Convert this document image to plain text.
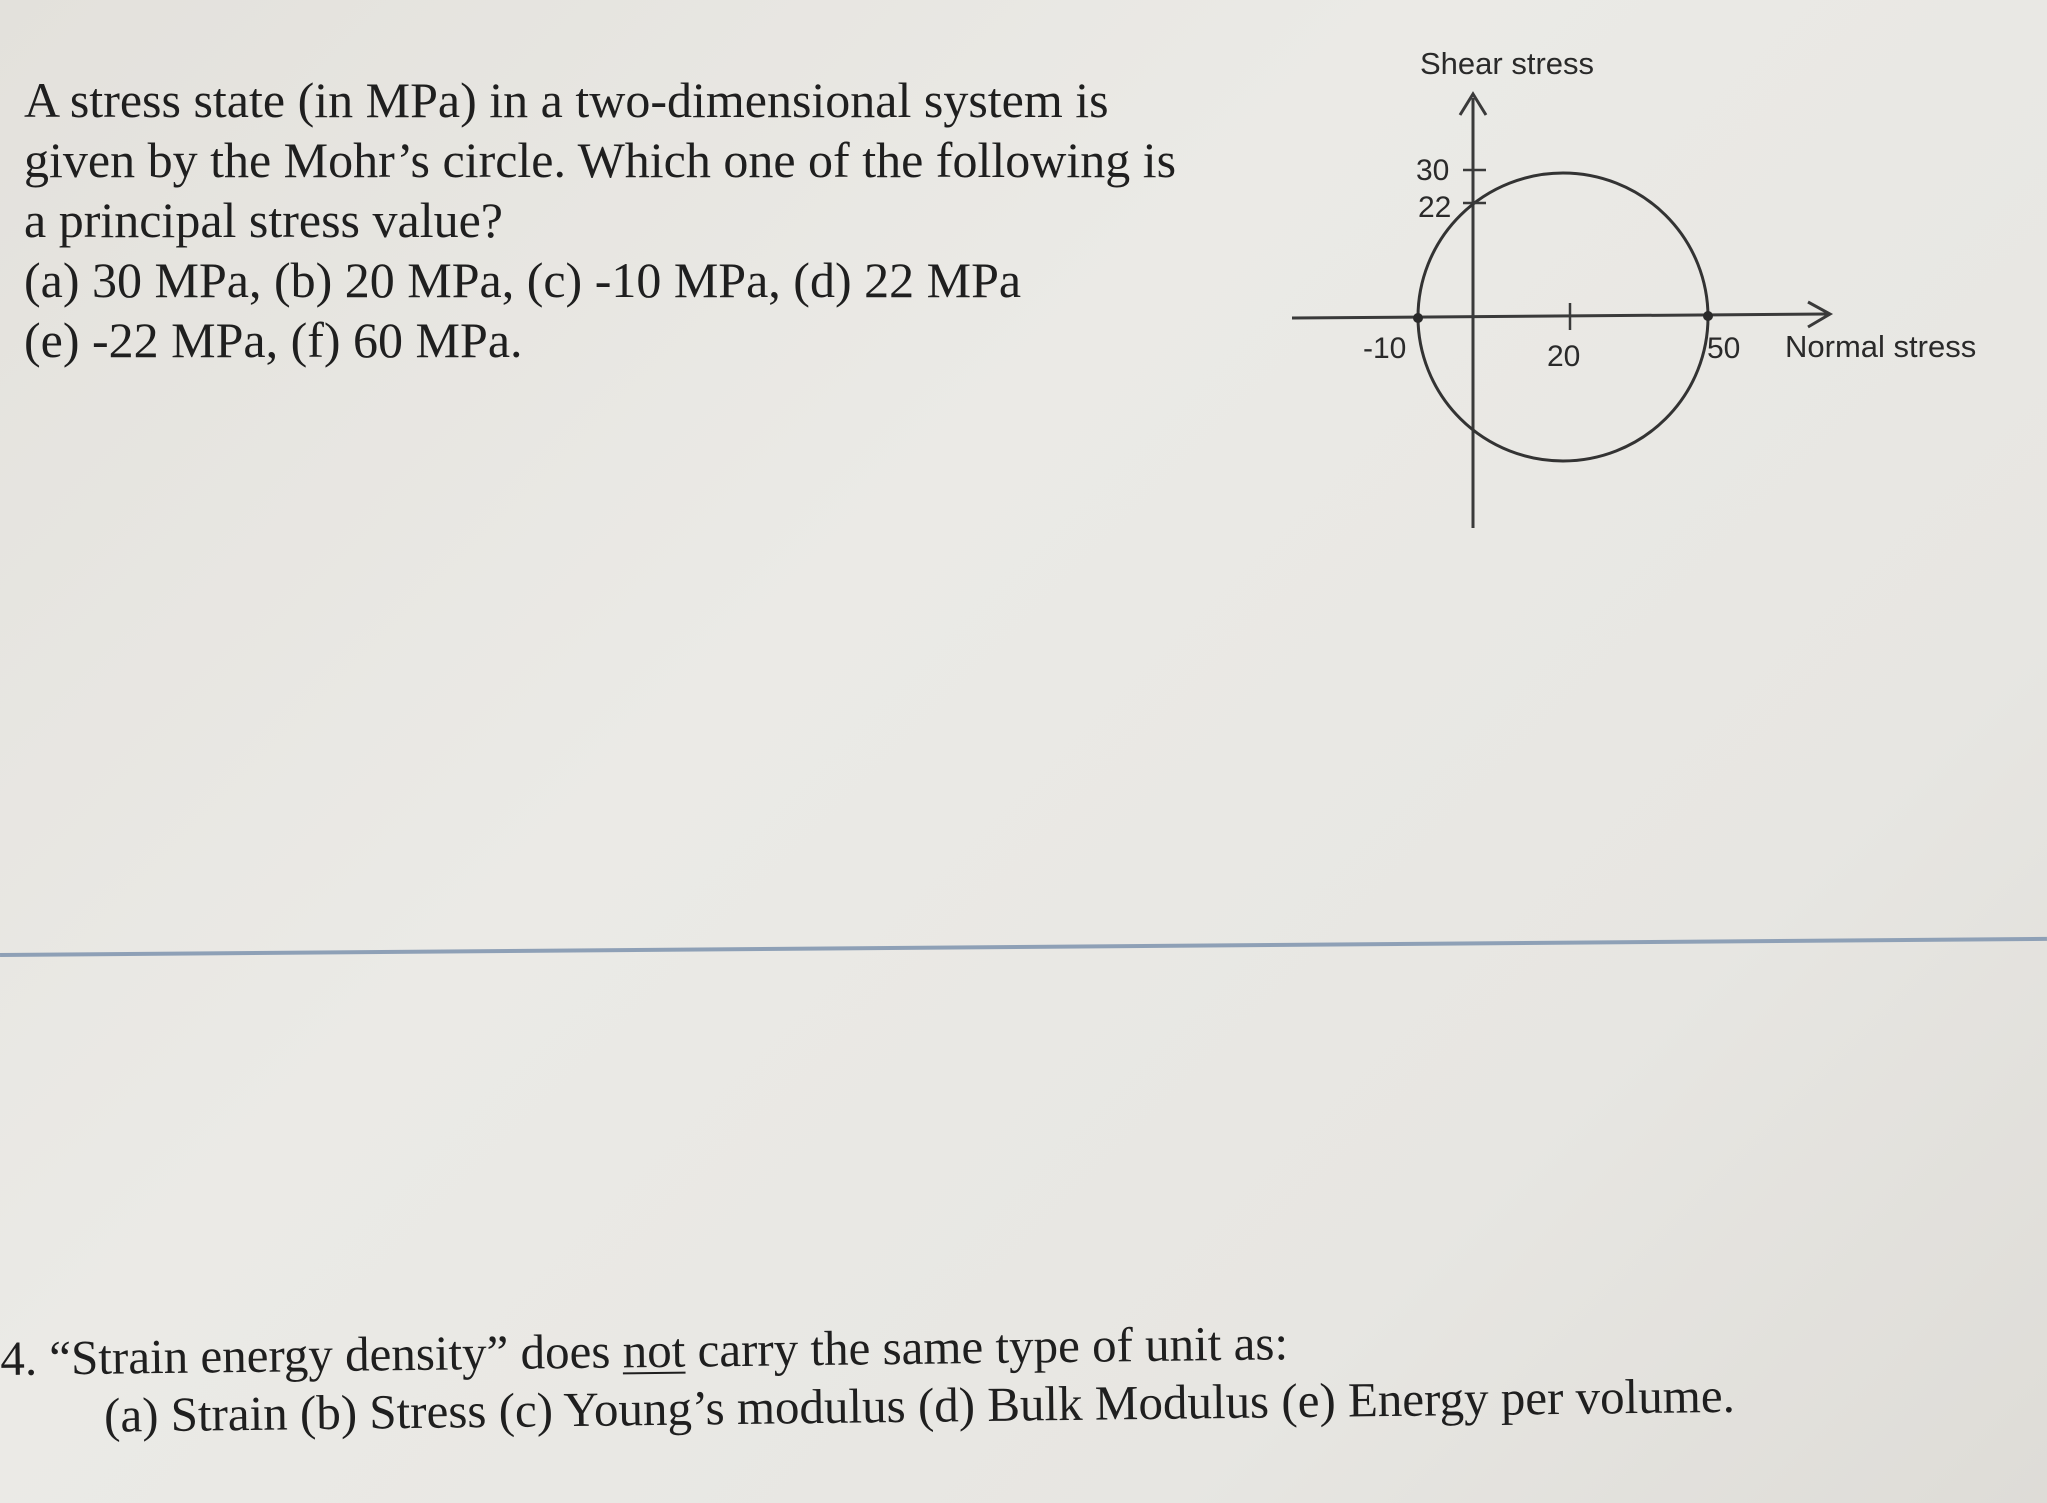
A stress state (in MPa) in a two-dimensional system is
given by the Mohr’s circle. Which one of the following is
a principal stress value?
(a) 30 MPa, (b) 20 MPa, (c) -10 MPa, (d) 22 MPa
(e) -22 MPa, (f) 60 MPa.
Shear stress
Normal stress
30
22
-10	20	50
4. “Strain energy density” does not carry the same type of unit as:
(a) Strain (b) Stress (c) Young’s modulus (d) Bulk Modulus (e) Energy per volume.
